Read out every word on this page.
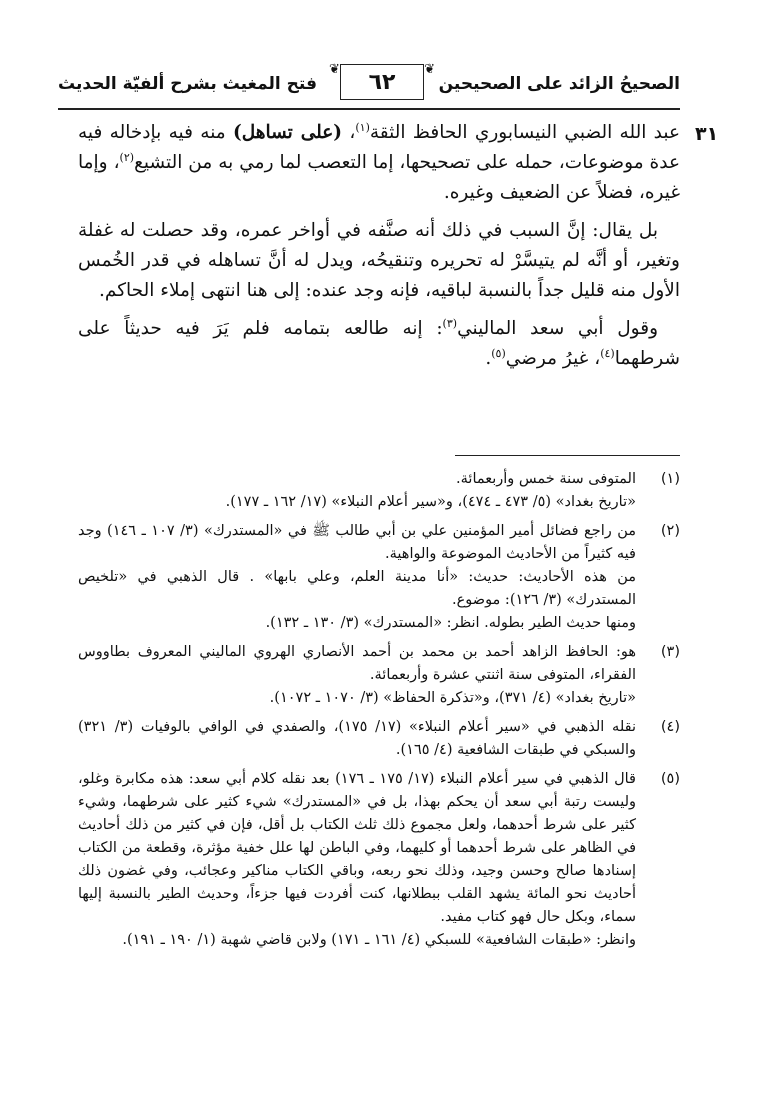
الصحيحُ الزائد على الصحيحين
❦
٦٢
❦
فتح المغيث بشرح ألفيّة الحديث
٣١

عبد الله الضبي النيسابوري الحافظ الثقة$^{(١)}$، (على تساهل) منه فيه بإدخاله فيه عدة موضوعات، حمله على تصحيحها، إما التعصب لما رمي به من التشيع$^{(٢)}$، وإما غيره، فضلاً عن الضعيف وغيره.

بل يقال: إنَّ السبب في ذلك أنه صنَّفه في أواخر عمره، وقد حصلت له غفلة وتغير، أو أنَّه لم يتيسَّرْ له تحريره وتنقيحُه، ويدل له أنَّ تساهله في قدر الخُمس الأول منه قليل جداً بالنسبة لباقيه، فإنه وجد عنده: إلى هنا انتهى إملاء الحاكم.

وقول أبي سعد الماليني$^{(٣)}$: إنه طالعه بتمامه فلم يَرَ فيه حديثاً على شرطهما$^{(٤)}$، غيرُ مرضي$^{(٥)}$.

(١)
المتوفى سنة خمس وأربعمائة.
«تاريخ بغداد» (٥/ ٤٧٣ ـ ٤٧٤)، و«سير أعلام النبلاء» (١٧/ ١٦٢ ـ ١٧٧).
(٢)
من راجع فضائل أمير المؤمنين علي بن أبي طالب ﷺ في «المستدرك» (٣/ ١٠٧ ـ ١٤٦) وجد فيه كثيراً من الأحاديث الموضوعة والواهية.
من هذه الأحاديث: حديث: «أنا مدينة العلم، وعلي بابها» . قال الذهبي في «تلخيص المستدرك» (٣/ ١٢٦): موضوع.
ومنها حديث الطير بطوله. انظر: «المستدرك» (٣/ ١٣٠ ـ ١٣٢).
(٣)
هو: الحافظ الزاهد أحمد بن محمد بن أحمد الأنصاري الهروي الماليني المعروف بطاووس الفقراء، المتوفى سنة اثنتي عشرة وأربعمائة.
«تاريخ بغداد» (٤/ ٣٧١)، و«تذكرة الحفاظ» (٣/ ١٠٧٠ ـ ١٠٧٢).
(٤)
نقله الذهبي في «سير أعلام النبلاء» (١٧/ ١٧٥)، والصفدي في الوافي بالوفيات (٣/ ٣٢١) والسبكي في طبقات الشافعية (٤/ ١٦٥).
(٥)
قال الذهبي في سير أعلام النبلاء (١٧/ ١٧٥ ـ ١٧٦) بعد نقله كلام أبي سعد: هذه مكابرة وغلو، وليست رتبة أبي سعد أن يحكم بهذا، بل في «المستدرك» شيء كثير على شرطهما، وشيء كثير على شرط أحدهما، ولعل مجموع ذلك ثلث الكتاب بل أقل، فإن في كثير من ذلك أحاديث في الظاهر على شرط أحدهما أو كليهما، وفي الباطن لها علل خفية مؤثرة، وقطعة من الكتاب إسنادها صالح وحسن وجيد، وذلك نحو ربعه، وباقي الكتاب مناكير وعجائب، وفي غضون ذلك أحاديث نحو المائة يشهد القلب ببطلانها، كنت أفردت فيها جزءاً، وحديث الطير بالنسبة إليها سماء، وبكل حال فهو كتاب مفيد.
وانظر: «طبقات الشافعية» للسبكي (٤/ ١٦١ ـ ١٧١) ولابن قاضي شهبة (١/ ١٩٠ ـ ١٩١).
